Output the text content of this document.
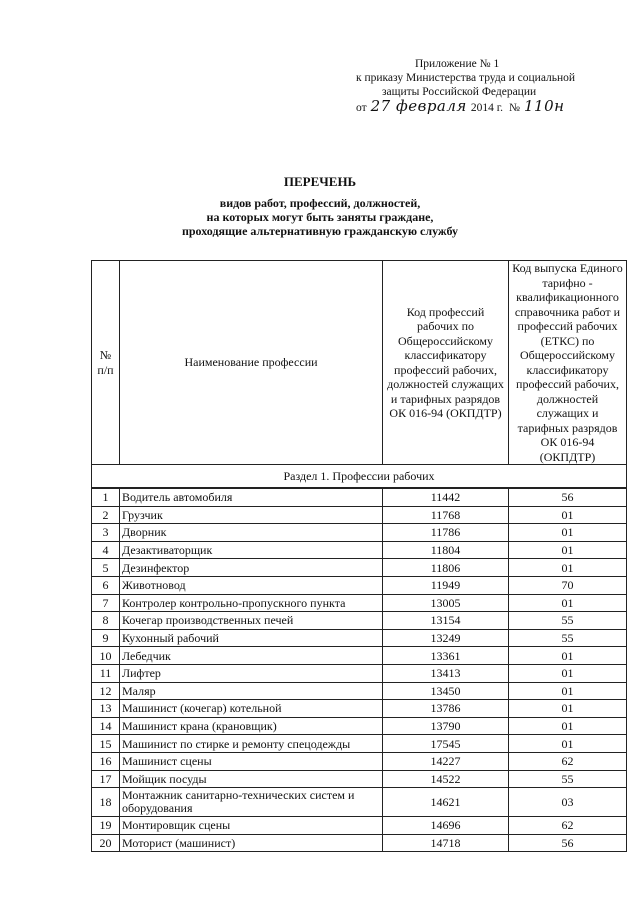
Приложение № 1
к приказу Министерства труда и социальной
защиты Российской Федерации
от 27 февраля 2014 г. № 110н
ПЕРЕЧЕНЬ
видов работ, профессий, должностей,
на которых могут быть заняты граждане,
проходящие альтернативную гражданскую службу
№ п/п	Наименование профессии	Код профессий рабочих по Общероссийскому классификатору профессий рабочих, должностей служащих и тарифных разрядов ОК 016-94 (ОКПДТР)	Код выпуска Единого тарифно - квалификационного справочника работ и профессий рабочих (ЕТКС) по Общероссийскому классификатору профессий рабочих, должностей служащих и тарифных разрядов ОК 016-94 (ОКПДТР)
Раздел 1. Профессии рабочих			
1	Водитель автомобиля	11442	56
2	Грузчик	11768	01
3	Дворник	11786	01
4	Дезактиваторщик	11804	01
5	Дезинфектор	11806	01
6	Животновод	11949	70
7	Контролер контрольно-пропускного пункта	13005	01
8	Кочегар производственных печей	13154	55
9	Кухонный рабочий	13249	55
10	Лебедчик	13361	01
11	Лифтер	13413	01
12	Маляр	13450	01
13	Машинист (кочегар) котельной	13786	01
14	Машинист крана (крановщик)	13790	01
15	Машинист по стирке и ремонту спецодежды	17545	01
16	Машинист сцены	14227	62
17	Мойщик посуды	14522	55
18	Монтажник санитарно-технических систем и оборудования	14621	03
19	Монтировщик сцены	14696	62
20	Моторист (машинист)	14718	56
